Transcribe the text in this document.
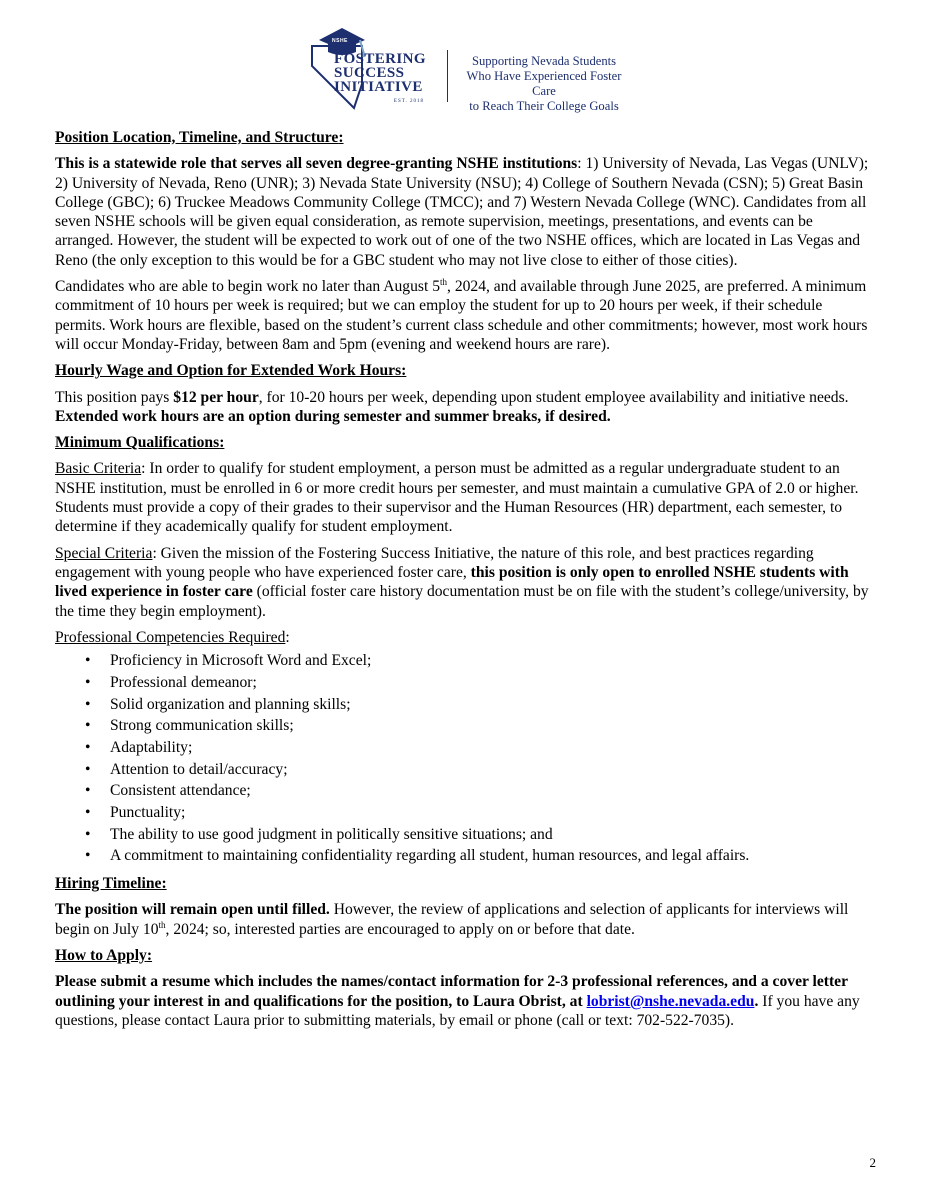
NSHE
FOSTERING
SUCCESS
INITIATIVE
EST. 2018
Supporting Nevada Students
Who Have Experienced Foster Care
to Reach Their College Goals

Position Location, Timeline, and Structure:

This is a statewide role that serves all seven degree-granting NSHE institutions: 1) University of Nevada, Las Vegas (UNLV); 2) University of Nevada, Reno (UNR); 3) Nevada State University (NSU); 4) College of Southern Nevada (CSN); 5) Great Basin College (GBC); 6) Truckee Meadows Community College (TMCC); and 7) Western Nevada College (WNC). Candidates from all seven NSHE schools will be given equal consideration, as remote supervision, meetings, presentations, and events can be arranged. However, the student will be expected to work out of one of the two NSHE offices, which are located in Las Vegas and Reno (the only exception to this would be for a GBC student who may not live close to either of those cities).

Candidates who are able to begin work no later than August 5th, 2024, and available through June 2025, are preferred. A minimum commitment of 10 hours per week is required; but we can employ the student for up to 20 hours per week, if their schedule permits. Work hours are flexible, based on the student’s current class schedule and other commitments; however, most work hours will occur Monday-Friday, between 8am and 5pm (evening and weekend hours are rare).

Hourly Wage and Option for Extended Work Hours:

This position pays $12 per hour, for 10-20 hours per week, depending upon student employee availability and initiative needs. Extended work hours are an option during semester and summer breaks, if desired.

Minimum Qualifications:

Basic Criteria: In order to qualify for student employment, a person must be admitted as a regular undergraduate student to an NSHE institution, must be enrolled in 6 or more credit hours per semester, and must maintain a cumulative GPA of 2.0 or higher. Students must provide a copy of their grades to their supervisor and the Human Resources (HR) department, each semester, to determine if they academically qualify for student employment.

Special Criteria: Given the mission of the Fostering Success Initiative, the nature of this role, and best practices regarding engagement with young people who have experienced foster care, this position is only open to enrolled NSHE students with lived experience in foster care (official foster care history documentation must be on file with the student’s college/university, by the time they begin employment).

Professional Competencies Required:

• Proficiency in Microsoft Word and Excel;
• Professional demeanor;
• Solid organization and planning skills;
• Strong communication skills;
• Adaptability;
• Attention to detail/accuracy;
• Consistent attendance;
• Punctuality;
• The ability to use good judgment in politically sensitive situations; and
• A commitment to maintaining confidentiality regarding all student, human resources, and legal affairs.

Hiring Timeline:

The position will remain open until filled. However, the review of applications and selection of applicants for interviews will begin on July 10th, 2024; so, interested parties are encouraged to apply on or before that date.

How to Apply:

Please submit a resume which includes the names/contact information for 2-3 professional references, and a cover letter outlining your interest in and qualifications for the position, to Laura Obrist, at lobrist@nshe.nevada.edu. If you have any questions, please contact Laura prior to submitting materials, by email or phone (call or text: 702-522-7035).

2
